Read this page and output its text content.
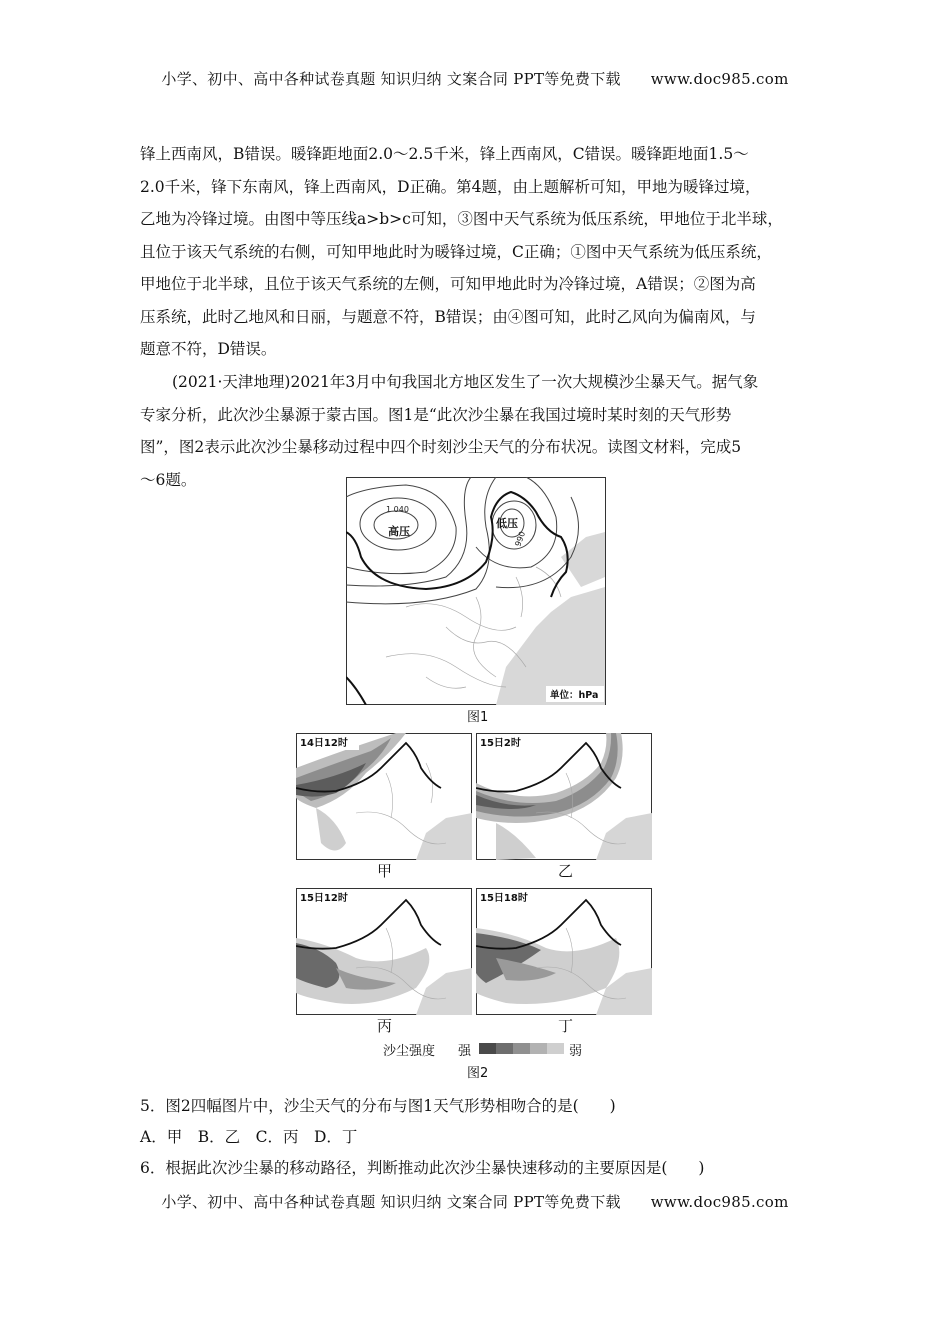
小学、初中、高中各种试卷真题 知识归纳 文案合同 PPT等免费下载 www.doc985.com

锋上西南风，B错误。暖锋距地面2.0～2.5千米，锋上西南风，C错误。暖锋距地面1.5～

2.0千米，锋下东南风，锋上西南风，D正确。第4题，由上题解析可知，甲地为暖锋过境，

乙地为冷锋过境。由图中等压线a>b>c可知，③图中天气系统为低压系统，甲地位于北半球，

且位于该天气系统的右侧，可知甲地此时为暖锋过境，C正确；①图中天气系统为低压系统，

甲地位于北半球，且位于该天气系统的左侧，可知甲地此时为冷锋过境，A错误；②图为高

压系统，此时乙地风和日丽，与题意不符，B错误；由④图可知，此时乙风向为偏南风，与

题意不符，D错误。

(2021·天津地理)2021年3月中旬我国北方地区发生了一次大规模沙尘暴天气。据气象

专家分析，此次沙尘暴源于蒙古国。图1是“此次沙尘暴在我国过境时某时刻的天气形势

图”，图2表示此次沙尘暴移动过程中四个时刻沙尘天气的分布状况。读图文材料，完成5

～6题。

1 040
990
高压
低压
单位：hPa
图1
14日12时
甲
15日2时
乙
15日12时
丙
15日18时
丁
沙尘强度 强	弱
图2
5．图2四幅图片中，沙尘天气的分布与图1天气形势相吻合的是(　　)
A．甲　B．乙　C．丙　D．丁
6．根据此次沙尘暴的移动路径，判断推动此次沙尘暴快速移动的主要原因是(　　)
小学、初中、高中各种试卷真题 知识归纳 文案合同 PPT等免费下载 www.doc985.com
